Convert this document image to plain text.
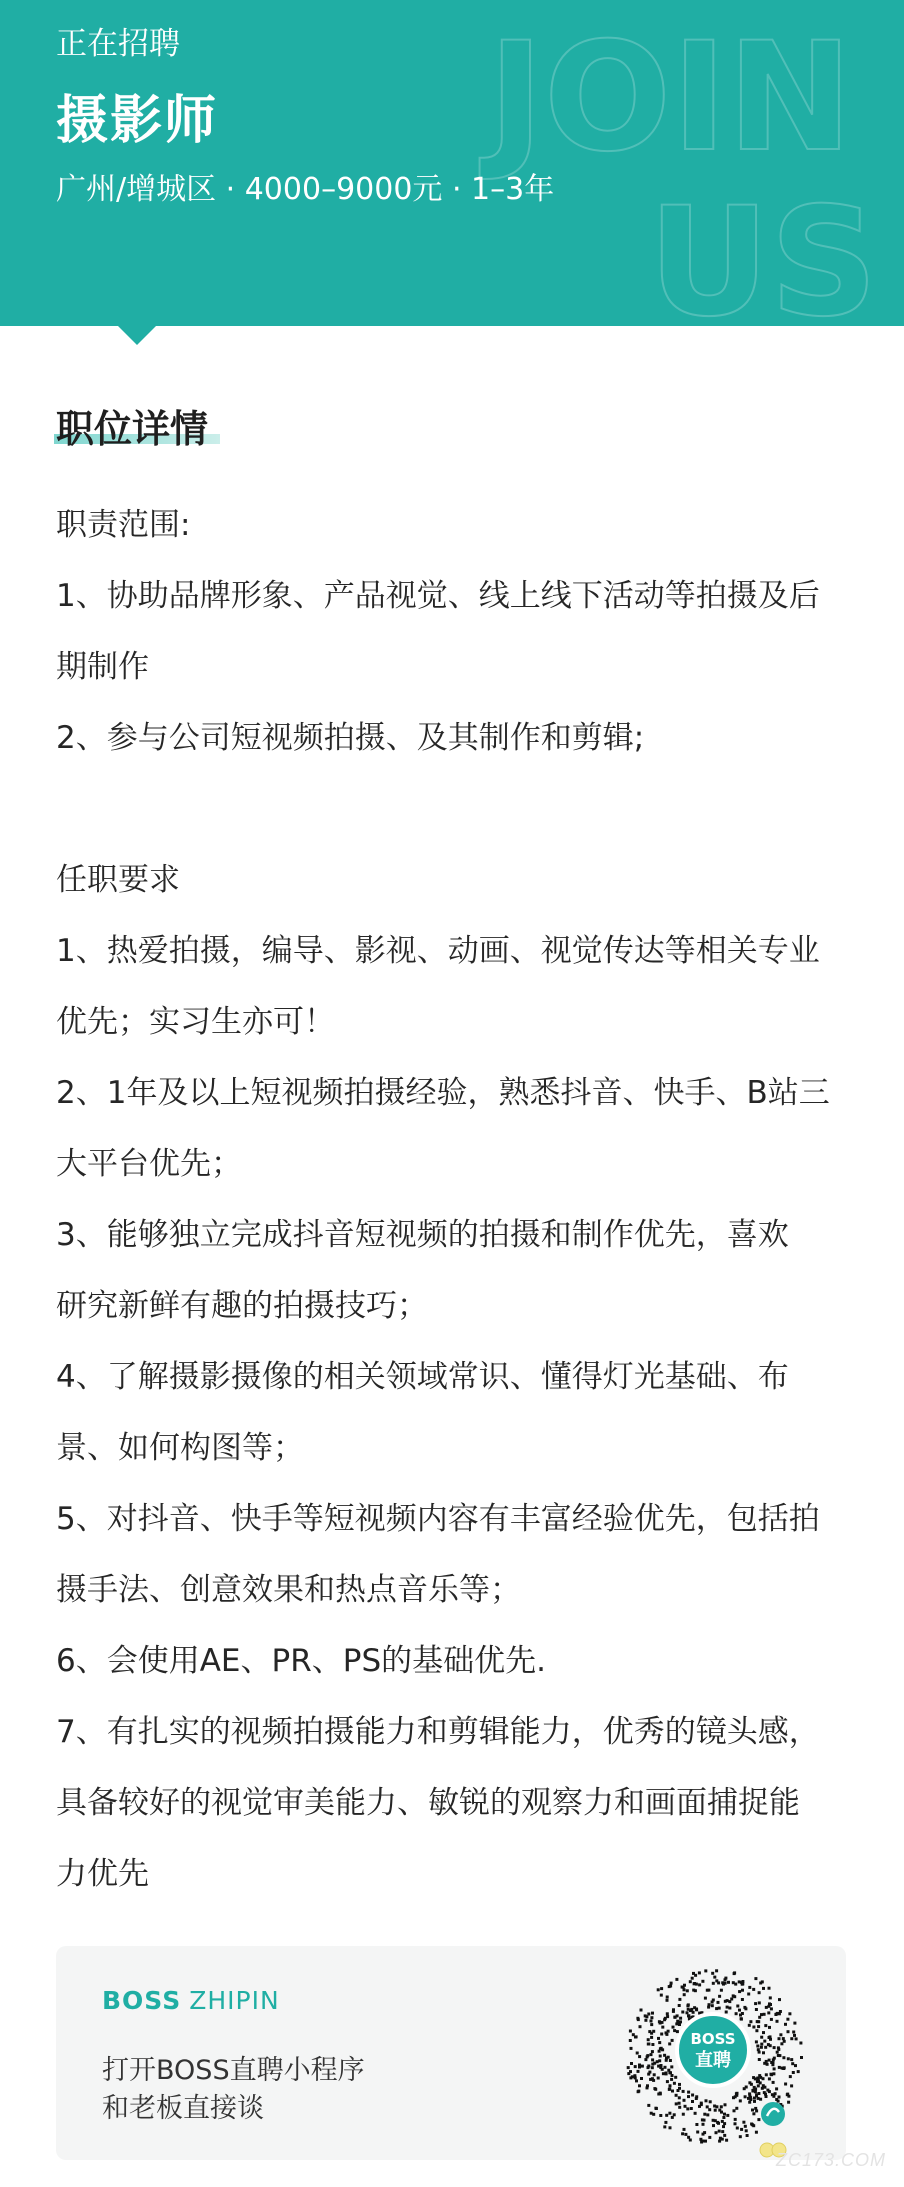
JOIN
US
正在招聘
摄影师
广州/增城区 · 4000–9000元 · 1–3年
职位详情

职责范围:

1、协助品牌形象、产品视觉、线上线下活动等拍摄及后

期制作

2、参与公司短视频拍摄、及其制作和剪辑;

任职要求

1、热爱拍摄，编导、影视、动画、视觉传达等相关专业

优先；实习生亦可！

2、1年及以上短视频拍摄经验，熟悉抖音、快手、B站三

大平台优先；

3、能够独立完成抖音短视频的拍摄和制作优先，喜欢

研究新鲜有趣的拍摄技巧；

4、了解摄影摄像的相关领域常识、懂得灯光基础、布

景、如何构图等；

5、对抖音、快手等短视频内容有丰富经验优先，包括拍

摄手法、创意效果和热点音乐等；

6、会使用AE、PR、PS的基础优先.

7、有扎实的视频拍摄能力和剪辑能力，优秀的镜头感，

具备较好的视觉审美能力、敏锐的观察力和画面捕捉能

力优先

BOSS ZHIPIN
打开BOSS直聘小程序
和老板直接谈
BOSS
直聘
ZC173.COM
